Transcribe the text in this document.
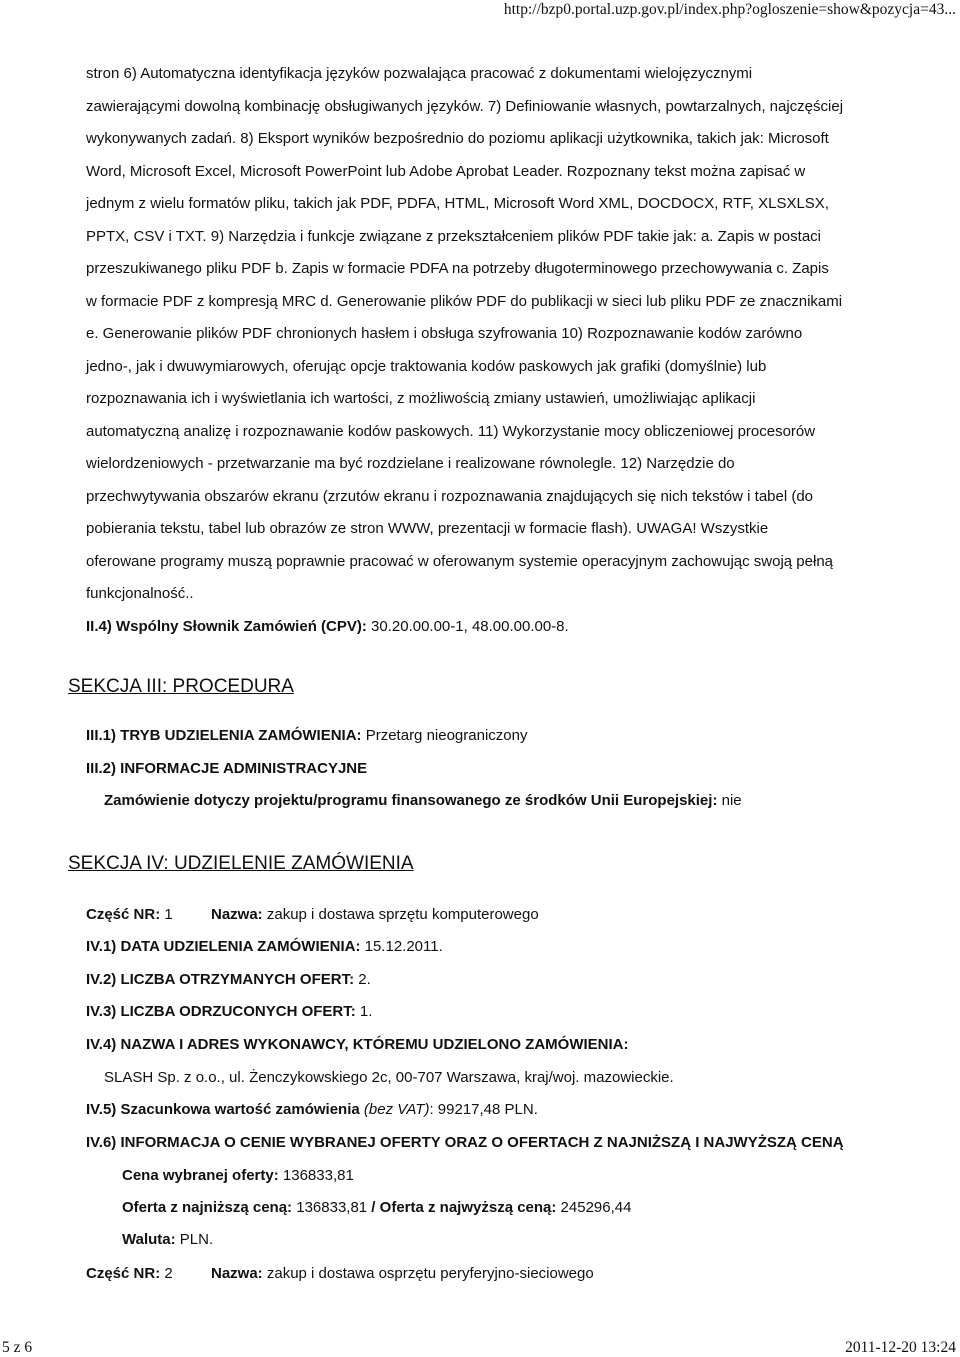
http://bzp0.portal.uzp.gov.pl/index.php?ogloszenie=show&pozycja=43...

stron 6) Automatyczna identyfikacja języków pozwalająca pracować z dokumentami wielojęzycznymi
zawierającymi dowolną kombinację obsługiwanych języków. 7) Definiowanie własnych, powtarzalnych, najczęściej
wykonywanych zadań. 8) Eksport wyników bezpośrednio do poziomu aplikacji użytkownika, takich jak: Microsoft
Word, Microsoft Excel, Microsoft PowerPoint lub Adobe Aprobat Leader. Rozpoznany tekst można zapisać w
jednym z wielu formatów pliku, takich jak PDF, PDFA, HTML, Microsoft Word XML, DOCDOCX, RTF, XLSXLSX,
PPTX, CSV i TXT. 9) Narzędzia i funkcje związane z przekształceniem plików PDF takie jak: a. Zapis w postaci
przeszukiwanego pliku PDF b. Zapis w formacie PDFA na potrzeby długoterminowego przechowywania c. Zapis
w formacie PDF z kompresją MRC d. Generowanie plików PDF do publikacji w sieci lub pliku PDF ze znacznikami
e. Generowanie plików PDF chronionych hasłem i obsługa szyfrowania 10) Rozpoznawanie kodów zarówno
jedno-, jak i dwuwymiarowych, oferując opcje traktowania kodów paskowych jak grafiki (domyślnie) lub
rozpoznawania ich i wyświetlania ich wartości, z możliwością zmiany ustawień, umożliwiając aplikacji
automatyczną analizę i rozpoznawanie kodów paskowych. 11) Wykorzystanie mocy obliczeniowej procesorów
wielordzeniowych - przetwarzanie ma być rozdzielane i realizowane równolegle. 12) Narzędzie do
przechwytywania obszarów ekranu (zrzutów ekranu i rozpoznawania znajdujących się nich tekstów i tabel (do
pobierania tekstu, tabel lub obrazów ze stron WWW, prezentacji w formacie flash). UWAGA! Wszystkie
oferowane programy muszą poprawnie pracować w oferowanym systemie operacyjnym zachowując swoją pełną
funkcjonalność..

II.4) Wspólny Słownik Zamówień (CPV): 30.20.00.00-1, 48.00.00.00-8.

SEKCJA III: PROCEDURA
III.1) TRYB UDZIELENIA ZAMÓWIENIA: Przetarg nieograniczony
III.2) INFORMACJE ADMINISTRACYJNE
Zamówienie dotyczy projektu/programu finansowanego ze środków Unii Europejskiej: nie
SEKCJA IV: UDZIELENIE ZAMÓWIENIA
Część NR: 1	Nazwa: zakup i dostawa sprzętu komputerowego
IV.1) DATA UDZIELENIA ZAMÓWIENIA: 15.12.2011.
IV.2) LICZBA OTRZYMANYCH OFERT: 2.
IV.3) LICZBA ODRZUCONYCH OFERT: 1.
IV.4) NAZWA I ADRES WYKONAWCY, KTÓREMU UDZIELONO ZAMÓWIENIA:
SLASH Sp. z o.o., ul. Żenczykowskiego 2c, 00-707 Warszawa, kraj/woj. mazowieckie.
IV.5) Szacunkowa wartość zamówienia (bez VAT): 99217,48 PLN.
IV.6) INFORMACJA O CENIE WYBRANEJ OFERTY ORAZ O OFERTACH Z NAJNIŻSZĄ I NAJWYŻSZĄ CENĄ
Cena wybranej oferty: 136833,81
Oferta z najniższą ceną: 136833,81 / Oferta z najwyższą ceną: 245296,44
Waluta: PLN.
Część NR: 2	Nazwa: zakup i dostawa osprzętu peryferyjno-sieciowego
5 z 6	2011-12-20 13:24
